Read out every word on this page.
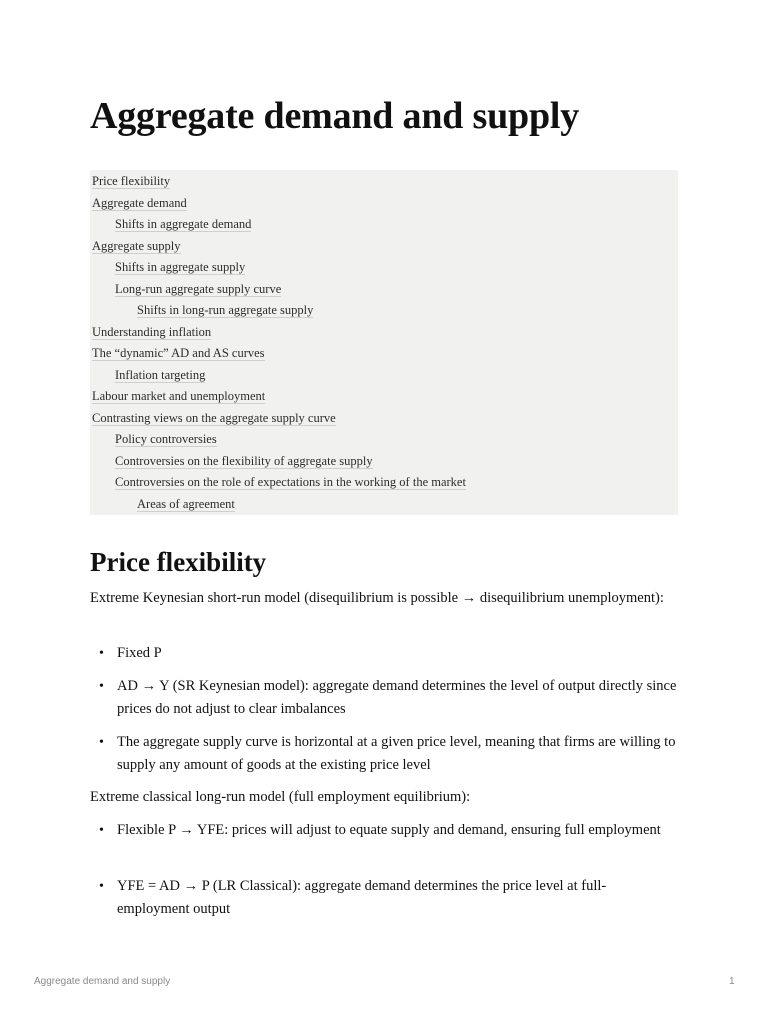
Aggregate demand and supply
Price flexibility
Aggregate demand
Shifts in aggregate demand
Aggregate supply
Shifts in aggregate supply
Long-run aggregate supply curve
Shifts in long-run aggregate supply
Understanding inflation
The “dynamic” AD and AS curves
Inflation targeting
Labour market and unemployment
Contrasting views on the aggregate supply curve
Policy controversies
Controversies on the flexibility of aggregate supply
Controversies on the role of expectations in the working of the market
Areas of agreement
Price flexibility

Extreme Keynesian short-run model (disequilibrium is possible → disequilibrium unemployment):

• Fixed P
• AD → Y (SR Keynesian model): aggregate demand determines the level of output directly since prices do not adjust to clear imbalances
• The aggregate supply curve is horizontal at a given price level, meaning that firms are willing to supply any amount of goods at the existing price level

Extreme classical long-run model (full employment equilibrium):

• Flexible P → YFE: prices will adjust to equate supply and demand, ensuring full employment
• YFE = AD → P (LR Classical): aggregate demand determines the price level at full-employment output
Aggregate demand and supply	1
